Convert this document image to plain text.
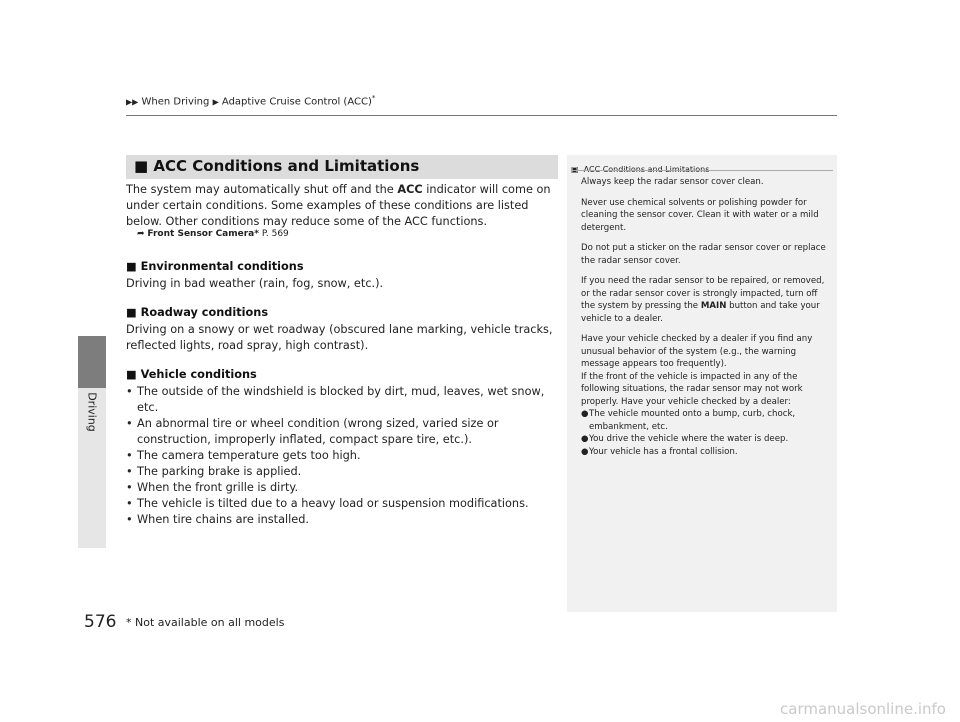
▶▶ When Driving ▶ Adaptive Cruise Control (ACC)*
Driving
■ ACC Conditions and Limitations
The system may automatically shut off and the ACC indicator will come on under certain conditions. Some examples of these conditions are listed below. Other conditions may reduce some of the ACC functions.
➦ Front Sensor Camera* P. 569
■ Environmental conditions
Driving in bad weather (rain, fog, snow, etc.).
■ Roadway conditions
Driving on a snowy or wet roadway (obscured lane marking, vehicle tracks, reflected lights, road spray, high contrast).
■ Vehicle conditions
• The outside of the windshield is blocked by dirt, mud, leaves, wet snow, etc.
• An abnormal tire or wheel condition (wrong sized, varied size or construction, improperly inflated, compact spare tire, etc.).
• The camera temperature gets too high.
• The parking brake is applied.
• When the front grille is dirty.
• The vehicle is tilted due to a heavy load or suspension modifications.
• When tire chains are installed.

Always keep the radar sensor cover clean.

Never use chemical solvents or polishing powder for cleaning the sensor cover. Clean it with water or a mild detergent.

Do not put a sticker on the radar sensor cover or replace the radar sensor cover.

If you need the radar sensor to be repaired, or removed, or the radar sensor cover is strongly impacted, turn off the system by pressing the MAIN button and take your vehicle to a dealer.

Have your vehicle checked by a dealer if you find any unusual behavior of the system (e.g., the warning message appears too frequently).

If the front of the vehicle is impacted in any of the following situations, the radar sensor may not work properly. Have your vehicle checked by a dealer:

● The vehicle mounted onto a bump, curb, chock, embankment, etc.
● You drive the vehicle where the water is deep.
● Your vehicle has a frontal collision.
576 * Not available on all models
carmanualsonline.info
